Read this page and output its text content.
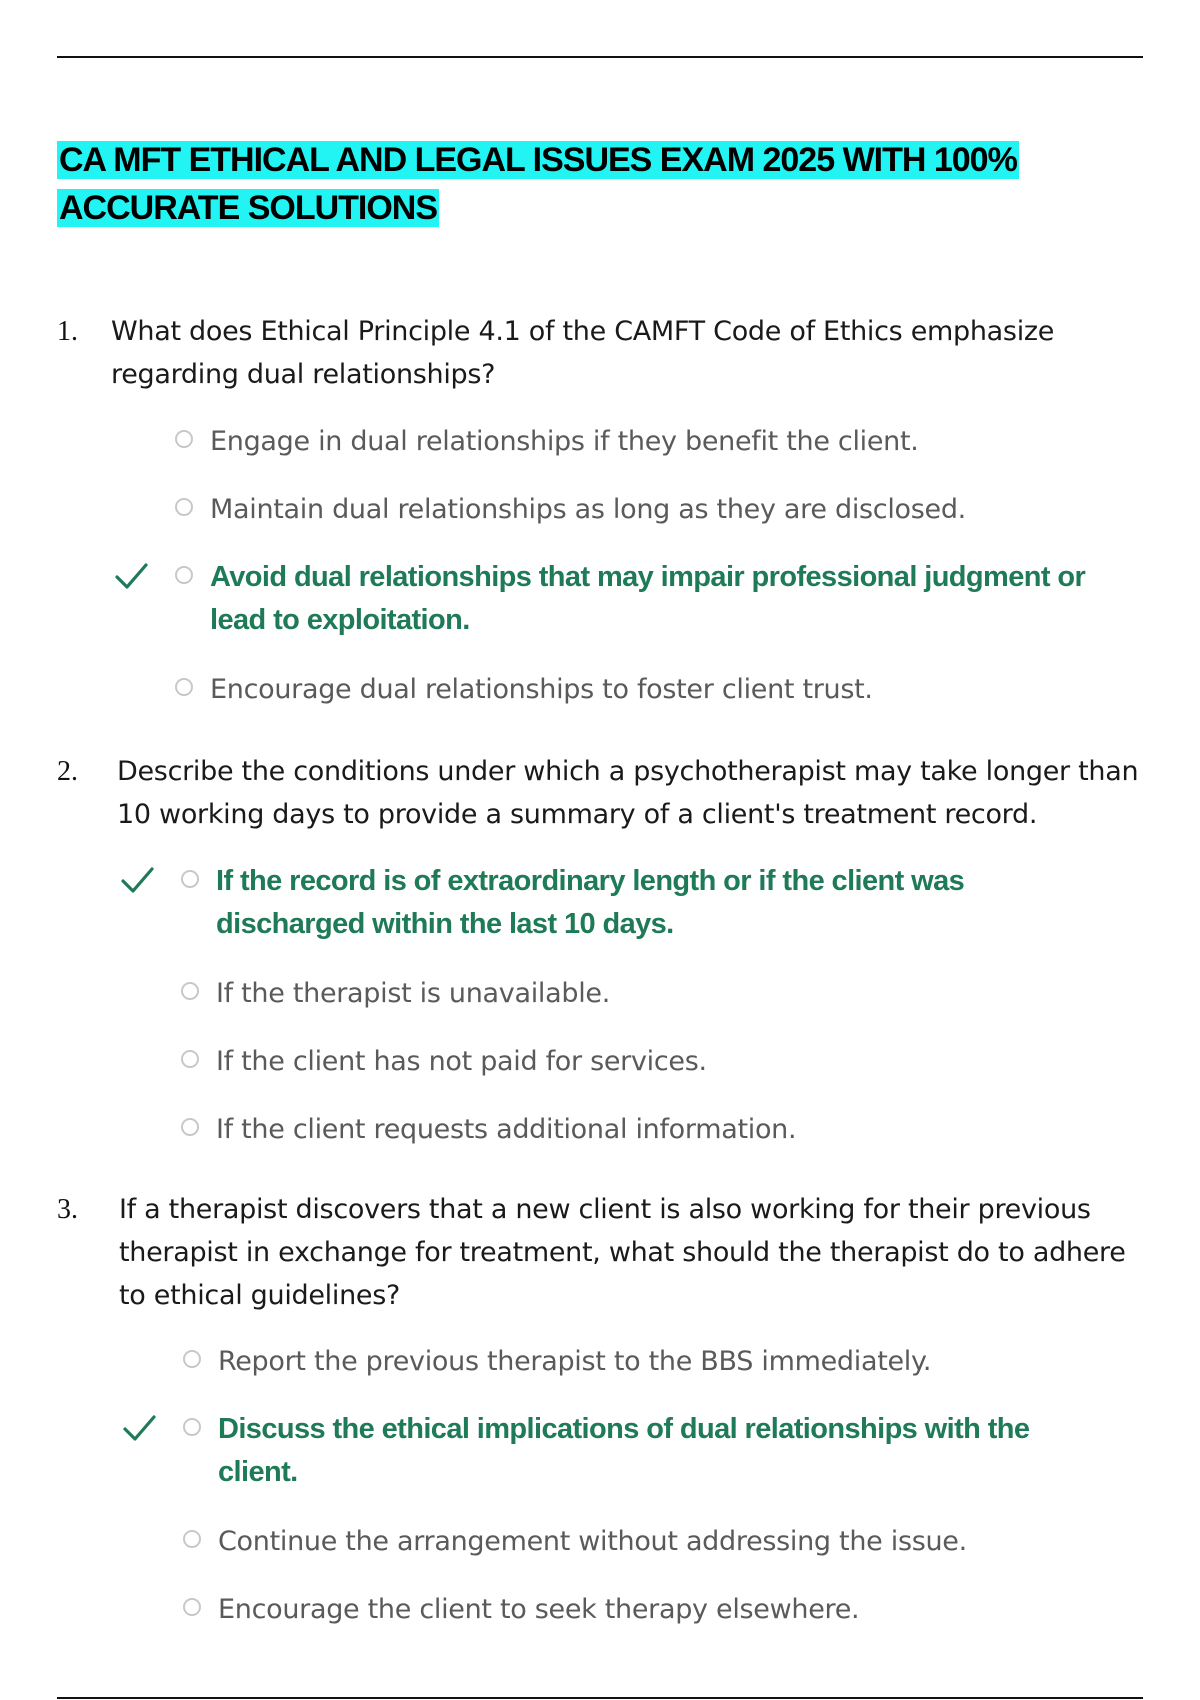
CA MFT ETHICAL AND LEGAL ISSUES EXAM 2025 WITH 100% ACCURATE SOLUTIONS
1. What does Ethical Principle 4.1 of the CAMFT Code of Ethics emphasize regarding dual relationships?

Engage in dual relationships if they benefit the client.

Maintain dual relationships as long as they are disclosed.

Avoid dual relationships that may impair professional judgment or lead to exploitation.

Encourage dual relationships to foster client trust.

2. Describe the conditions under which a psychotherapist may take longer than 10 working days to provide a summary of a client's treatment record.

If the record is of extraordinary length or if the client was discharged within the last 10 days.

If the therapist is unavailable.

If the client has not paid for services.

If the client requests additional information.

3. If a therapist discovers that a new client is also working for their previous therapist in exchange for treatment, what should the therapist do to adhere to ethical guidelines?

Report the previous therapist to the BBS immediately.

Discuss the ethical implications of dual relationships with the client.

Continue the arrangement without addressing the issue.

Encourage the client to seek therapy elsewhere.
